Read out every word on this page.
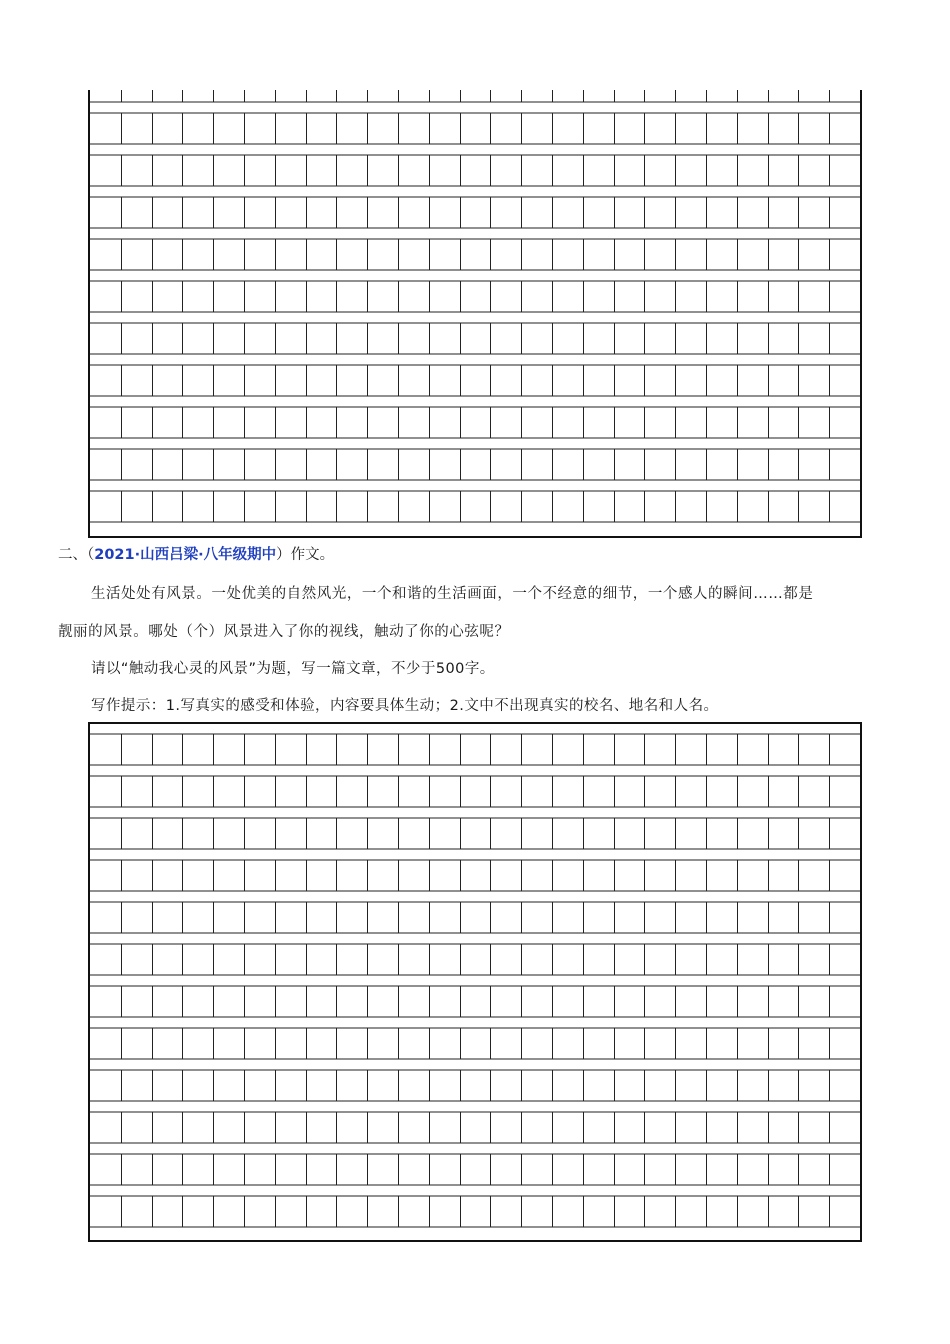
二、（2021·山西吕梁·八年级期中）作文。
生活处处有风景。一处优美的自然风光，一个和谐的生活画面，一个不经意的细节，一个感人的瞬间……都是
靓丽的风景。哪处（个）风景进入了你的视线，触动了你的心弦呢？
请以“触动我心灵的风景”为题，写一篇文章，不少于500字。
写作提示：1.写真实的感受和体验，内容要具体生动；2.文中不出现真实的校名、地名和人名。
